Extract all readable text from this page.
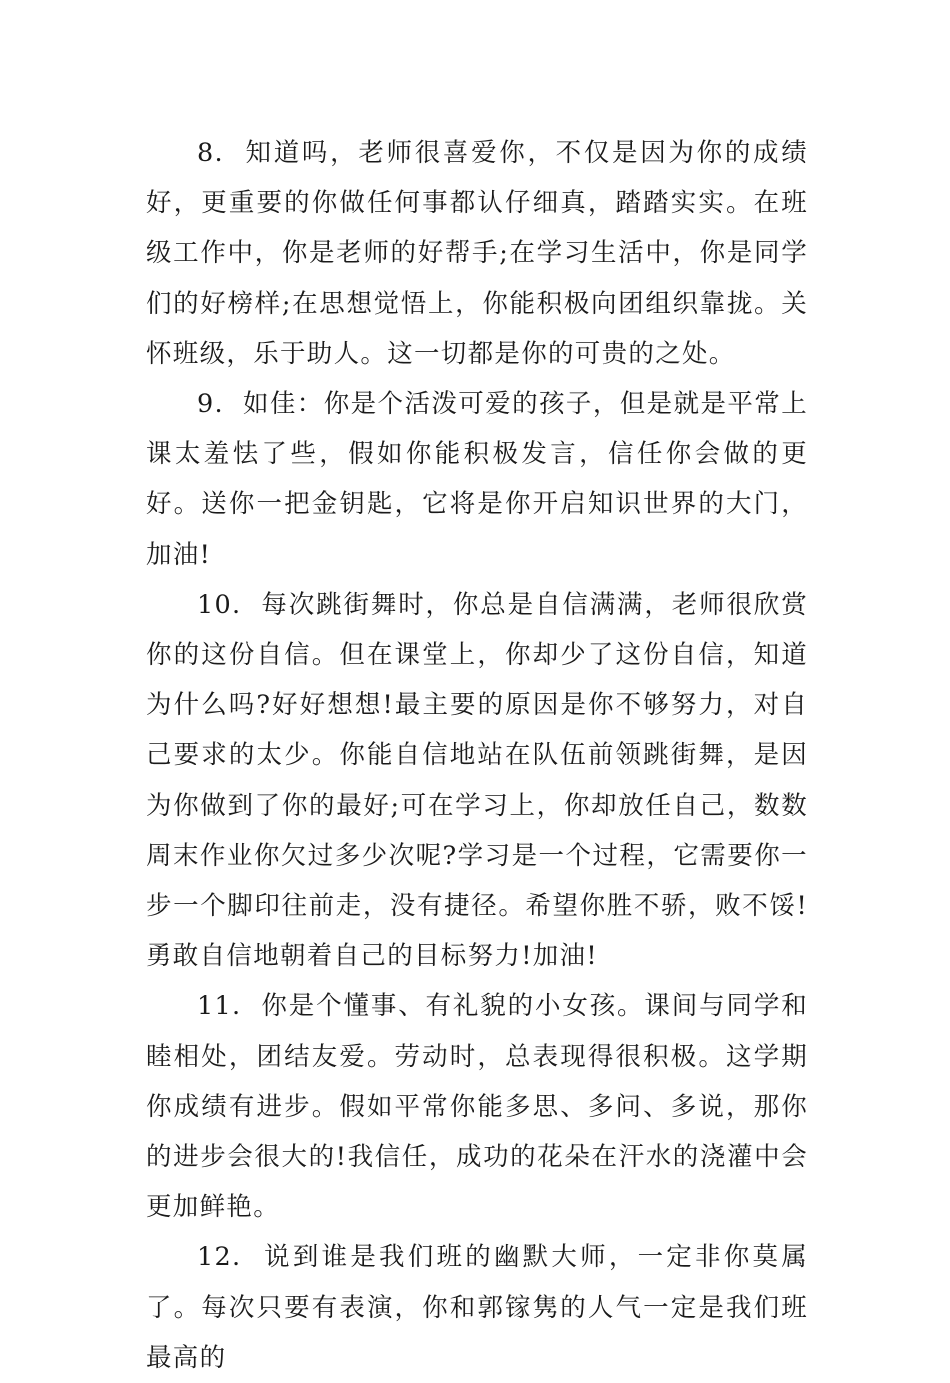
8. 知道吗，老师很喜爱你，不仅是因为你的成绩好，更重要的你做任何事都认仔细真，踏踏实实。在班级工作中，你是老师的好帮手;在学习生活中，你是同学们的好榜样;在思想觉悟上，你能积极向团组织靠拢。关怀班级，乐于助人。这一切都是你的可贵的之处。

9. 如佳：你是个活泼可爱的孩子，但是就是平常上课太羞怯了些，假如你能积极发言，信任你会做的更好。送你一把金钥匙，它将是你开启知识世界的大门，加油!

10. 每次跳街舞时，你总是自信满满，老师很欣赏你的这份自信。但在课堂上，你却少了这份自信，知道为什么吗?好好想想!最主要的原因是你不够努力，对自己要求的太少。你能自信地站在队伍前领跳街舞，是因为你做到了你的最好;可在学习上，你却放任自己，数数周末作业你欠过多少次呢?学习是一个过程，它需要你一步一个脚印往前走，没有捷径。希望你胜不骄，败不馁!勇敢自信地朝着自己的目标努力!加油!

11. 你是个懂事、有礼貌的小女孩。课间与同学和睦相处，团结友爱。劳动时，总表现得很积极。这学期你成绩有进步。假如平常你能多思、多问、多说，那你的进步会很大的!我信任，成功的花朵在汗水的浇灌中会更加鲜艳。

12. 说到谁是我们班的幽默大师，一定非你莫属了。每次只要有表演，你和郭镓隽的人气一定是我们班最高的
